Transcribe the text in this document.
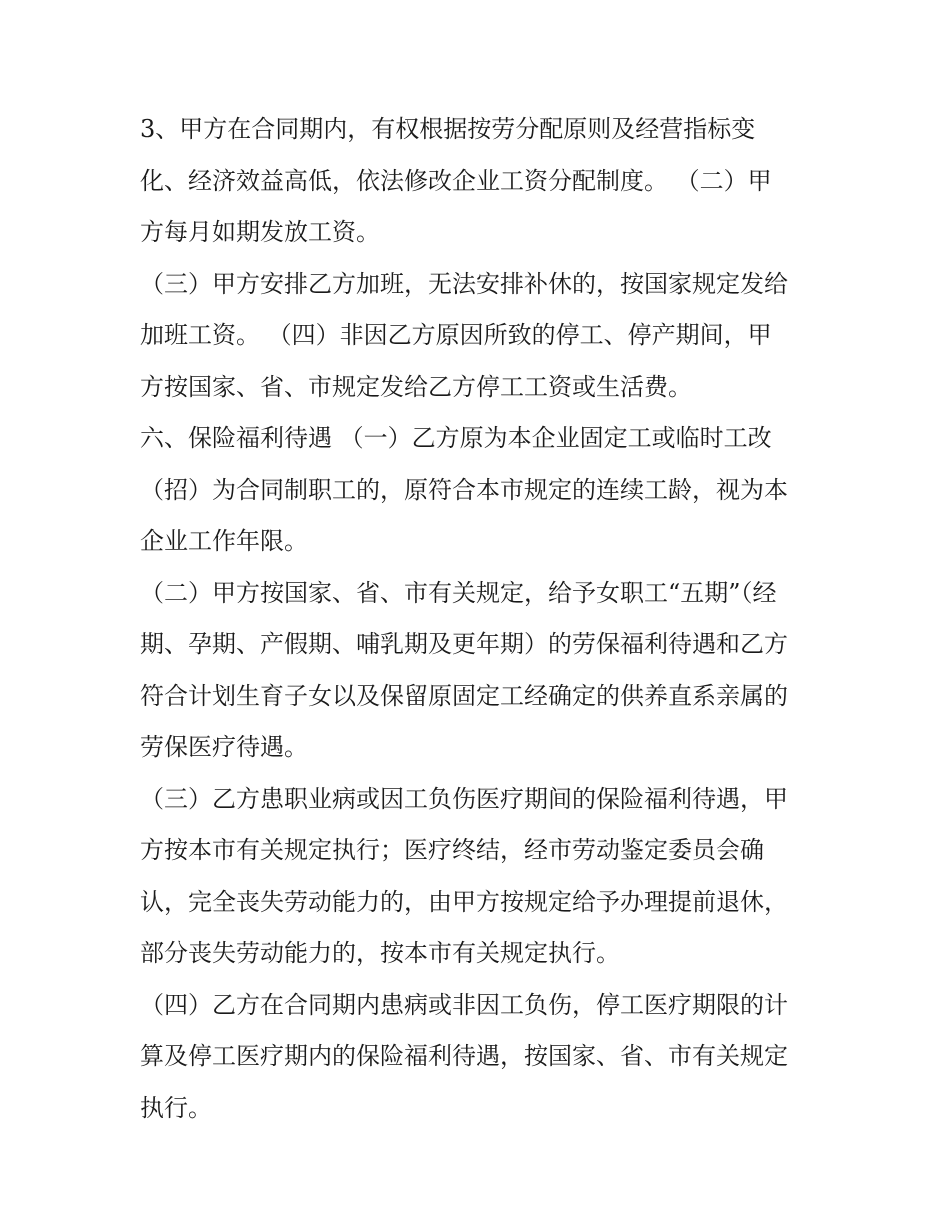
3、甲方在合同期内，有权根据按劳分配原则及经营指标变
化、经济效益高低，依法修改企业工资分配制度。 （二）甲
方每月如期发放工资。
（三）甲方安排乙方加班，无法安排补休的，按国家规定发给
加班工资。 （四）非因乙方原因所致的停工、停产期间，甲
方按国家、省、市规定发给乙方停工工资或生活费。
六、保险福利待遇 （一）乙方原为本企业固定工或临时工改
（招）为合同制职工的，原符合本市规定的连续工龄，视为本
企业工作年限。
（二）甲方按国家、省、市有关规定，给予女职工“五期”（经
期、孕期、产假期、哺乳期及更年期）的劳保福利待遇和乙方
符合计划生育子女以及保留原固定工经确定的供养直系亲属的
劳保医疗待遇。
（三）乙方患职业病或因工负伤医疗期间的保险福利待遇，甲
方按本市有关规定执行；医疗终结，经市劳动鉴定委员会确
认，完全丧失劳动能力的，由甲方按规定给予办理提前退休，
部分丧失劳动能力的，按本市有关规定执行。
（四）乙方在合同期内患病或非因工负伤，停工医疗期限的计
算及停工医疗期内的保险福利待遇，按国家、省、市有关规定
执行。
